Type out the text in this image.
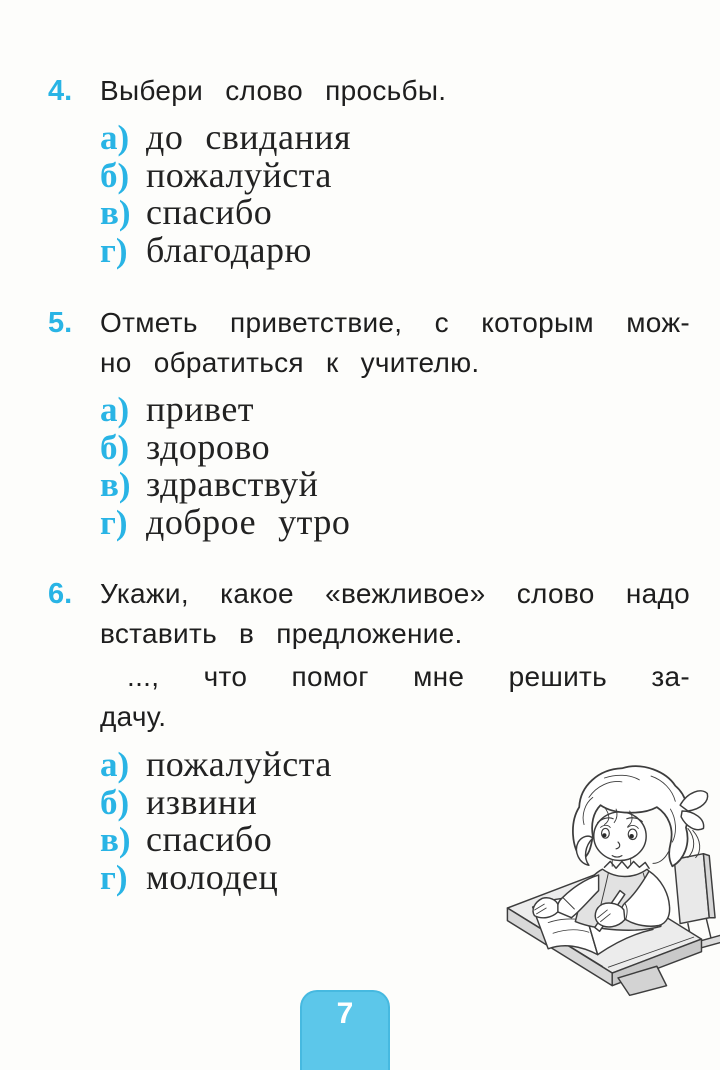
4. Выбери слово просьбы.
а) до свидания
б) пожалуйста
в) спасибо
г) благодарю
5. Отметь приветствие, с которым мож-
но обратиться к учителю.
а) привет
б) здорово
в) здравствуй
г) доброе утро
6. Укажи, какое «вежливое» слово надо
вставить в предложение.
..., что помог мне решить за-
дачу.
а) пожалуйста
б) извини
в) спасибо
г) молодец
7
